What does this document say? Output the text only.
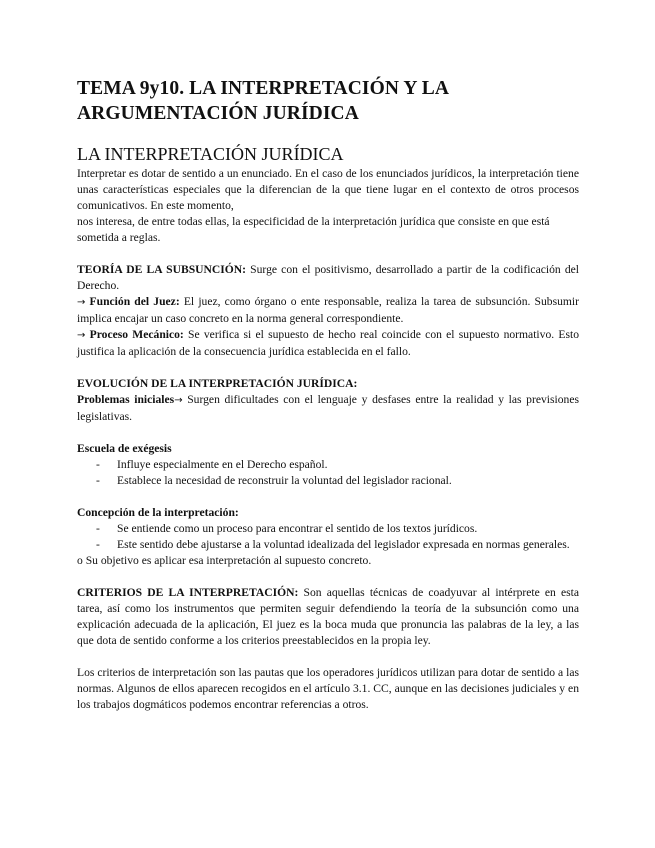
TEMA 9y10. LA INTERPRETACIÓN Y LA
ARGUMENTACIÓN JURÍDICA
LA INTERPRETACIÓN JURÍDICA

Interpretar es dotar de sentido a un enunciado. En el caso de los enunciados jurídicos, la interpretación tiene unas características especiales que la diferencian de la que tiene lugar en el contexto de otros procesos comunicativos. En este momento,

nos interesa, de entre todas ellas, la especificidad de la interpretación jurídica que consiste en que está sometida a reglas.

TEORÍA DE LA SUBSUNCIÓN: Surge con el positivismo, desarrollado a partir de la codificación del Derecho.

→ Función del Juez: El juez, como órgano o ente responsable, realiza la tarea de subsunción. Subsumir implica encajar un caso concreto en la norma general correspondiente.

→ Proceso Mecánico: Se verifica si el supuesto de hecho real coincide con el supuesto normativo. Esto justifica la aplicación de la consecuencia jurídica establecida en el fallo.

EVOLUCIÓN DE LA INTERPRETACIÓN JURÍDICA:

Problemas iniciales→ Surgen dificultades con el lenguaje y desfases entre la realidad y las previsiones legislativas.

Escuela de exégesis

- Influye especialmente en el Derecho español.
- Establece la necesidad de reconstruir la voluntad del legislador racional.

Concepción de la interpretación:

- Se entiende como un proceso para encontrar el sentido de los textos jurídicos.
- Este sentido debe ajustarse a la voluntad idealizada del legislador expresada en normas generales.

o Su objetivo es aplicar esa interpretación al supuesto concreto.

CRITERIOS DE LA INTERPRETACIÓN: Son aquellas técnicas de coadyuvar al intérprete en esta tarea, así como los instrumentos que permiten seguir defendiendo la teoría de la subsunción como una explicación adecuada de la aplicación, El juez es la boca muda que pronuncia las palabras de la ley, a las que dota de sentido conforme a los criterios preestablecidos en la propia ley.

Los criterios de interpretación son las pautas que los operadores jurídicos utilizan para dotar de sentido a las normas. Algunos de ellos aparecen recogidos en el artículo 3.1. CC, aunque en las decisiones judiciales y en los trabajos dogmáticos podemos encontrar referencias a otros.
